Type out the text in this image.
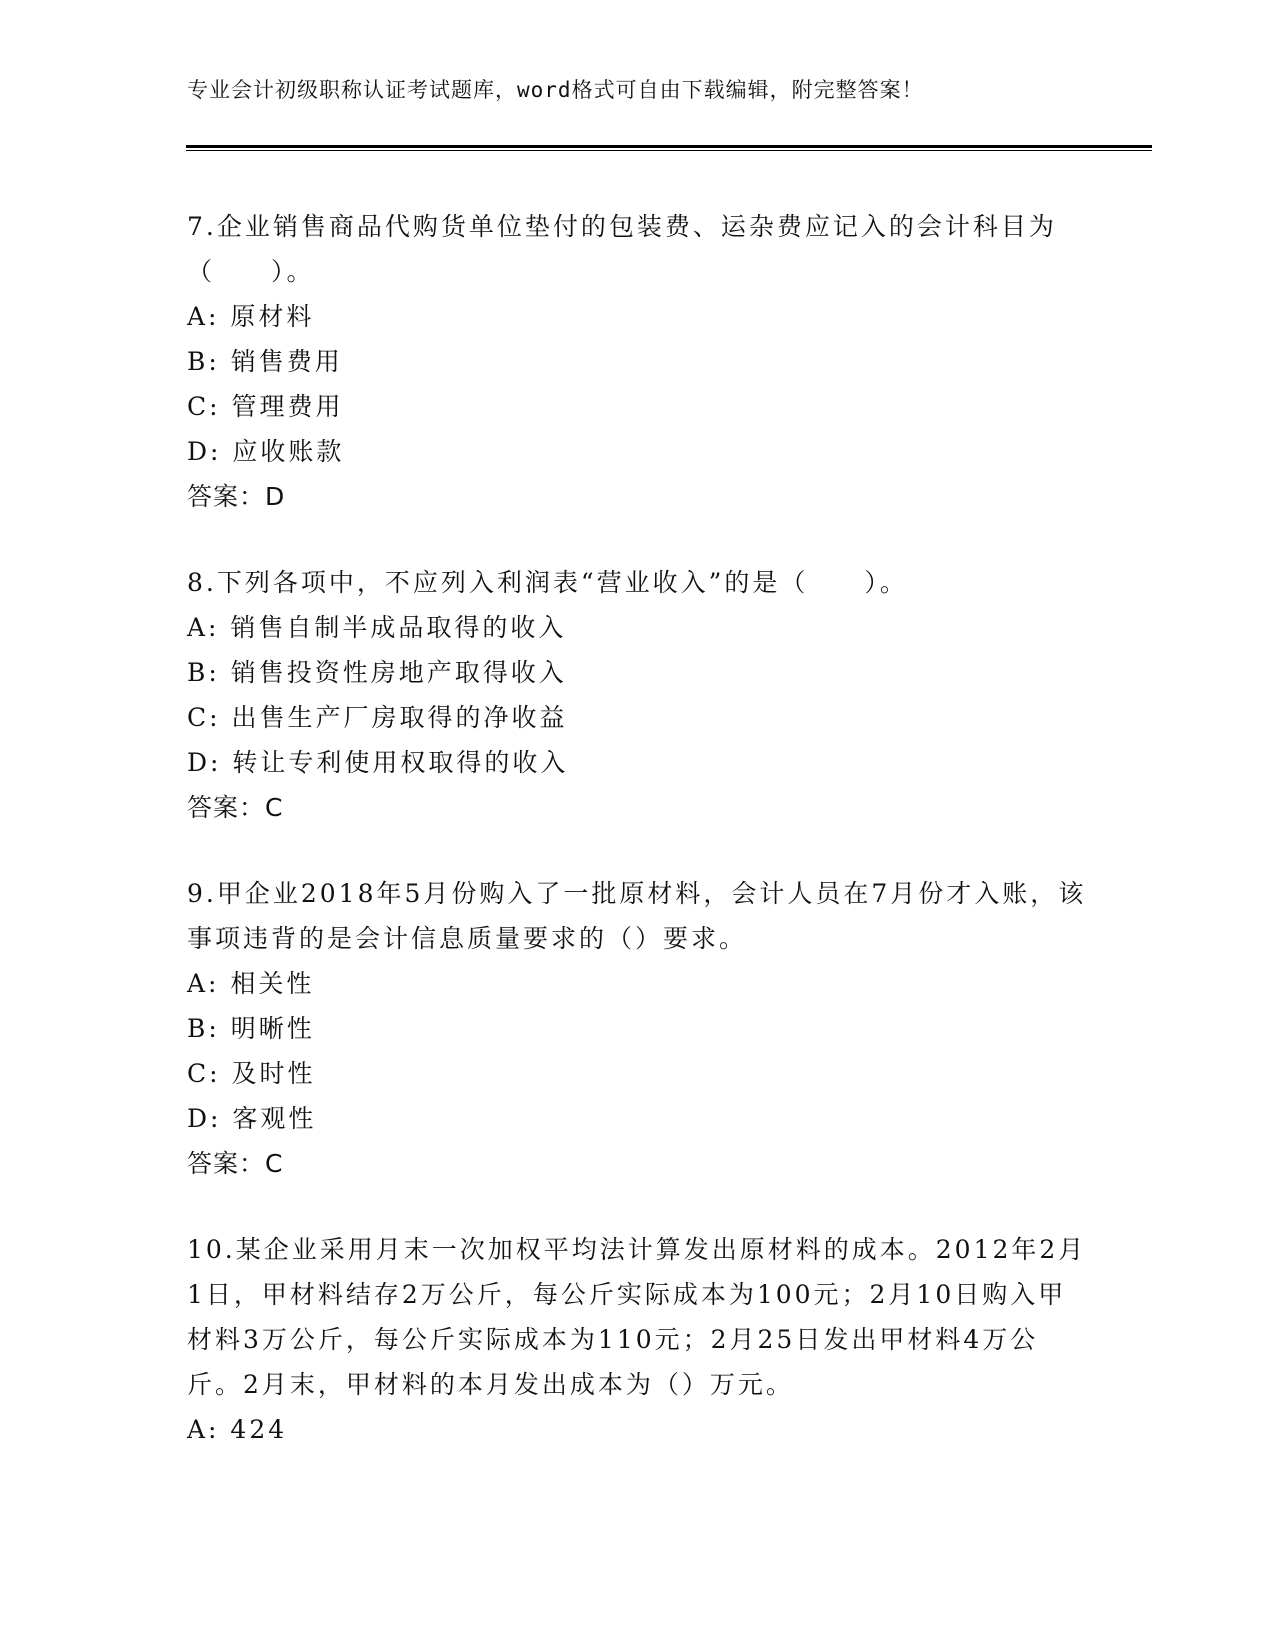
专业会计初级职称认证考试题库，word格式可自由下载编辑，附完整答案！

7.企业销售商品代购货单位垫付的包装费、运杂费应记入的会计科目为（　　）。

A: 原材料

B: 销售费用

C: 管理费用

D: 应收账款

答案：D

8.下列各项中，不应列入利润表“营业收入”的是（　　）。

A: 销售自制半成品取得的收入

B: 销售投资性房地产取得收入

C: 出售生产厂房取得的净收益

D: 转让专利使用权取得的收入

答案：C

9.甲企业2018年5月份购入了一批原材料，会计人员在7月份才入账，该事项违背的是会计信息质量要求的（）要求。

A: 相关性

B: 明晰性

C: 及时性

D: 客观性

答案：C

10.某企业采用月末一次加权平均法计算发出原材料的成本。2012年2月1日，甲材料结存2万公斤，每公斤实际成本为100元；2月10日购入甲材料3万公斤，每公斤实际成本为110元；2月25日发出甲材料4万公斤。2月末，甲材料的本月发出成本为（）万元。

A: 424
